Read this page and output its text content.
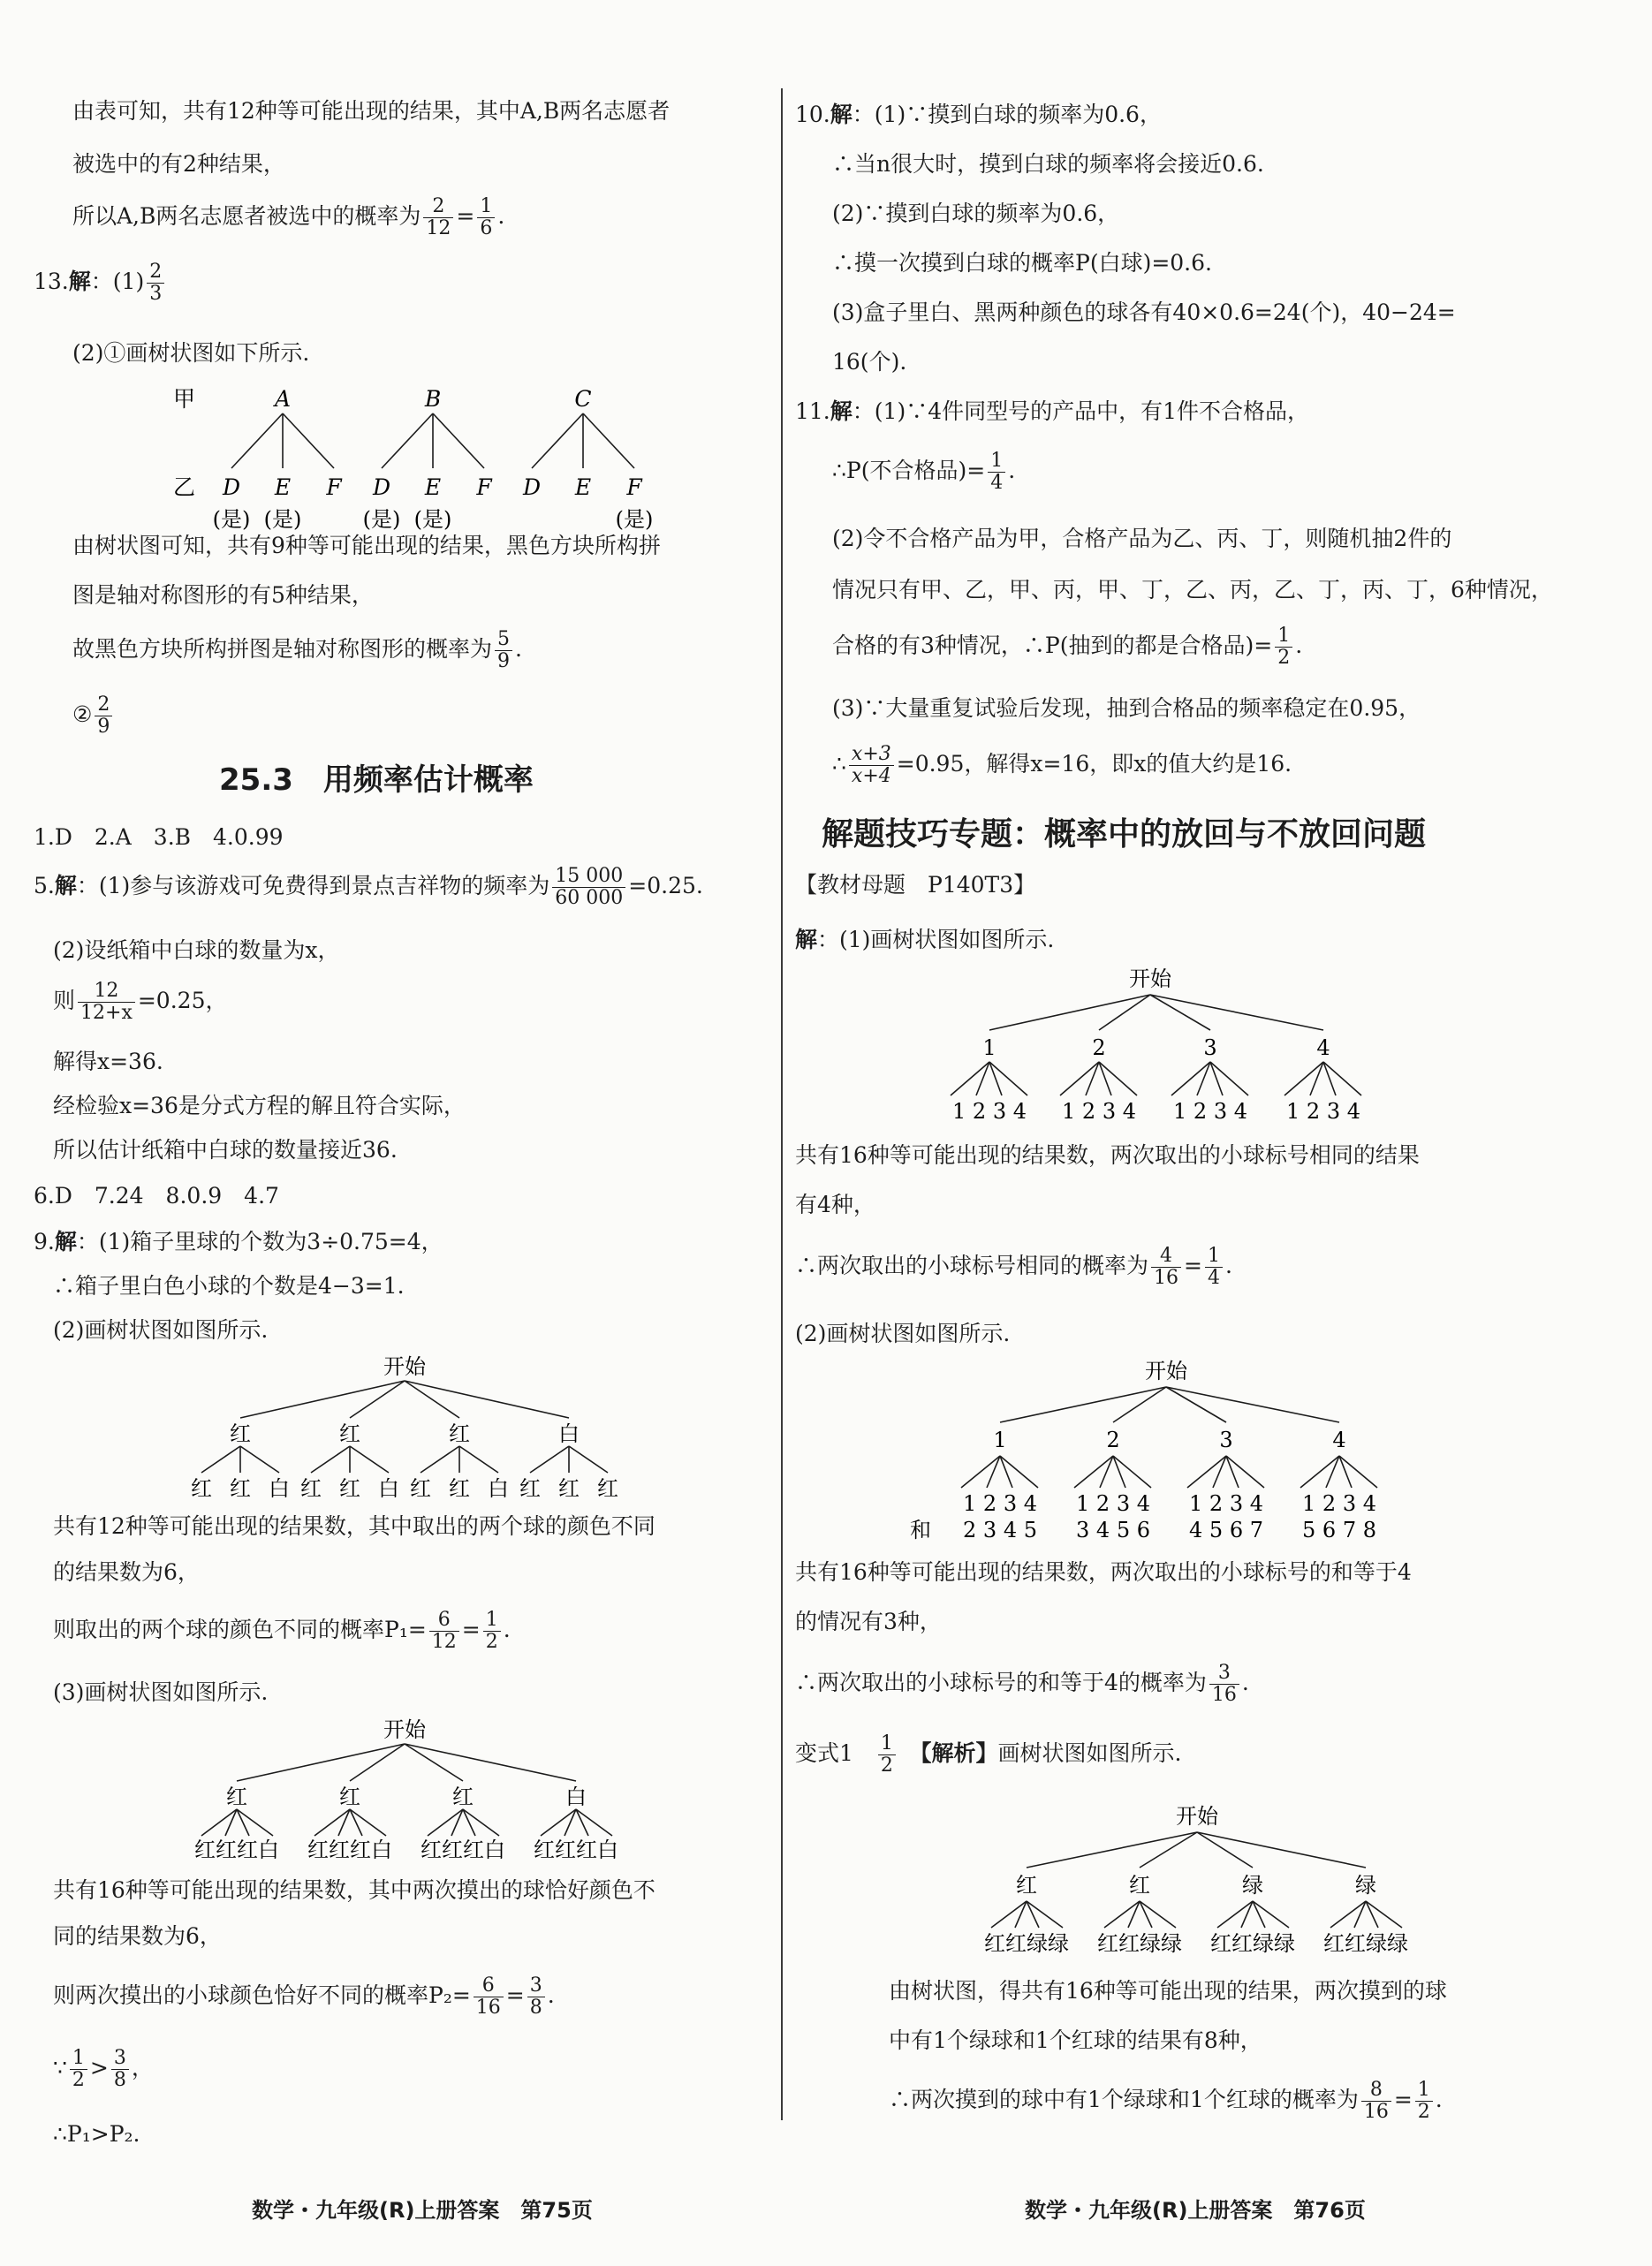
由表可知，共有12种等可能出现的结果，其中A,B两名志愿者
被选中的有2种结果，
所以A,B两名志愿者被选中的概率为 $\frac{2}{12} = \frac{1}{6}$ .
13.解：$(1) \frac{2}{3}$
(2)①画树状图如下所示.
甲	A	B	C
乙 D E F D E F D E F
(是) (是)	(是) (是)	(是)
由树状图可知，共有9种等可能出现的结果，黑色方块所构拼
图是轴对称图形的有5种结果，
故黑色方块所构拼图是轴对称图形的概率为 $\frac{5}{9}$ .
② $\frac{2}{9}$
25.3　用频率估计概率
1.D　2.A　3.B　4.0.99
5.解：(1)参与该游戏可免费得到景点吉祥物的频率为 $\frac{15 000}{60 000} =0.25$.
(2)设纸箱中白球的数量为x，
则 $\frac{12}{12+x} =0.25$，
解得x=36.
经检验x=36是分式方程的解且符合实际，
所以估计纸箱中白球的数量接近36.
6.D　7.24　8.0.9　4.7
9.解：(1)箱子里球的个数为3÷0.75=4，
∴箱子里白色小球的个数是4−3=1.
(2)画树状图如图所示.
开始
红	红	红	白
红 红 白 红 红 白 红 红 白 红 红 红
共有12种等可能出现的结果数，其中取出的两个球的颜色不同
的结果数为6，
则取出的两个球的颜色不同的概率$P_1= \frac{6}{12} = \frac{1}{2}$ .
(3)画树状图如图所示.
开始
红	红	红	白
红红红白 红红红白 红红红白 红红红白
共有16种等可能出现的结果数，其中两次摸出的球恰好颜色不
同的结果数为6，
则两次摸出的小球颜色恰好不同的概率$P_2= \frac{6}{16} = \frac{3}{8}$ .
∵ $\frac{1}{2} > \frac{3}{8}$ ，
∴P₁>P₂.
10.解：(1)∵摸到白球的频率为0.6，
∴当n很大时，摸到白球的频率将会接近0.6.
(2)∵摸到白球的频率为0.6，
∴摸一次摸到白球的概率P(白球)=0.6.
(3)盒子里白、黑两种颜色的球各有40×0.6=24(个)，40−24=
16(个).
11.解：(1)∵4件同型号的产品中，有1件不合格品，
∴P(不合格品)= $\frac{1}{4}$ .
(2)令不合格产品为甲，合格产品为乙、丙、丁，则随机抽2件的
情况只有甲、乙，甲、丙，甲、丁，乙、丙，乙、丁，丙、丁，6种情况，
合格的有3种情况，∴P(抽到的都是合格品)= $\frac{1}{2}$ .
(3)∵大量重复试验后发现，抽到合格品的频率稳定在0.95，
∴ $\frac{x+3}{x+4} =0.95$，解得x=16，即x的值大约是16.
解题技巧专题：概率中的放回与不放回问题
【教材母题　P140T3】
解：(1)画树状图如图所示.
开始
1	2	3	4
1 2 3 4 1 2 3 4 1 2 3 4 1 2 3 4
共有16种等可能出现的结果数，两次取出的小球标号相同的结果
有4种，
∴两次取出的小球标号相同的概率为 $\frac{4}{16} = \frac{1}{4}$ .
(2)画树状图如图所示.
开始
1	2	3	4
1 2 3 4 1 2 3 4 1 2 3 4 1 2 3 4
和 2 3 4 5 3 4 5 6 4 5 6 7 5 6 7 8
共有16种等可能出现的结果数，两次取出的小球标号的和等于4
的情况有3种，
∴两次取出的小球标号的和等于4的概率为 $\frac{3}{16}$ .
变式1　 $\frac{1}{2}$
　 【解析】画树状图如图所示.
开始
红	红	绿	绿
红红绿绿 红红绿绿 红红绿绿 红红绿绿
由树状图，得共有16种等可能出现的结果，两次摸到的球
中有1个绿球和1个红球的结果有8种，
∴两次摸到的球中有1个绿球和1个红球的概率为 $\frac{8}{16} = \frac{1}{2}$ .
数学・九年级(R)上册答案　第75页	数学・九年级(R)上册答案　第76页
